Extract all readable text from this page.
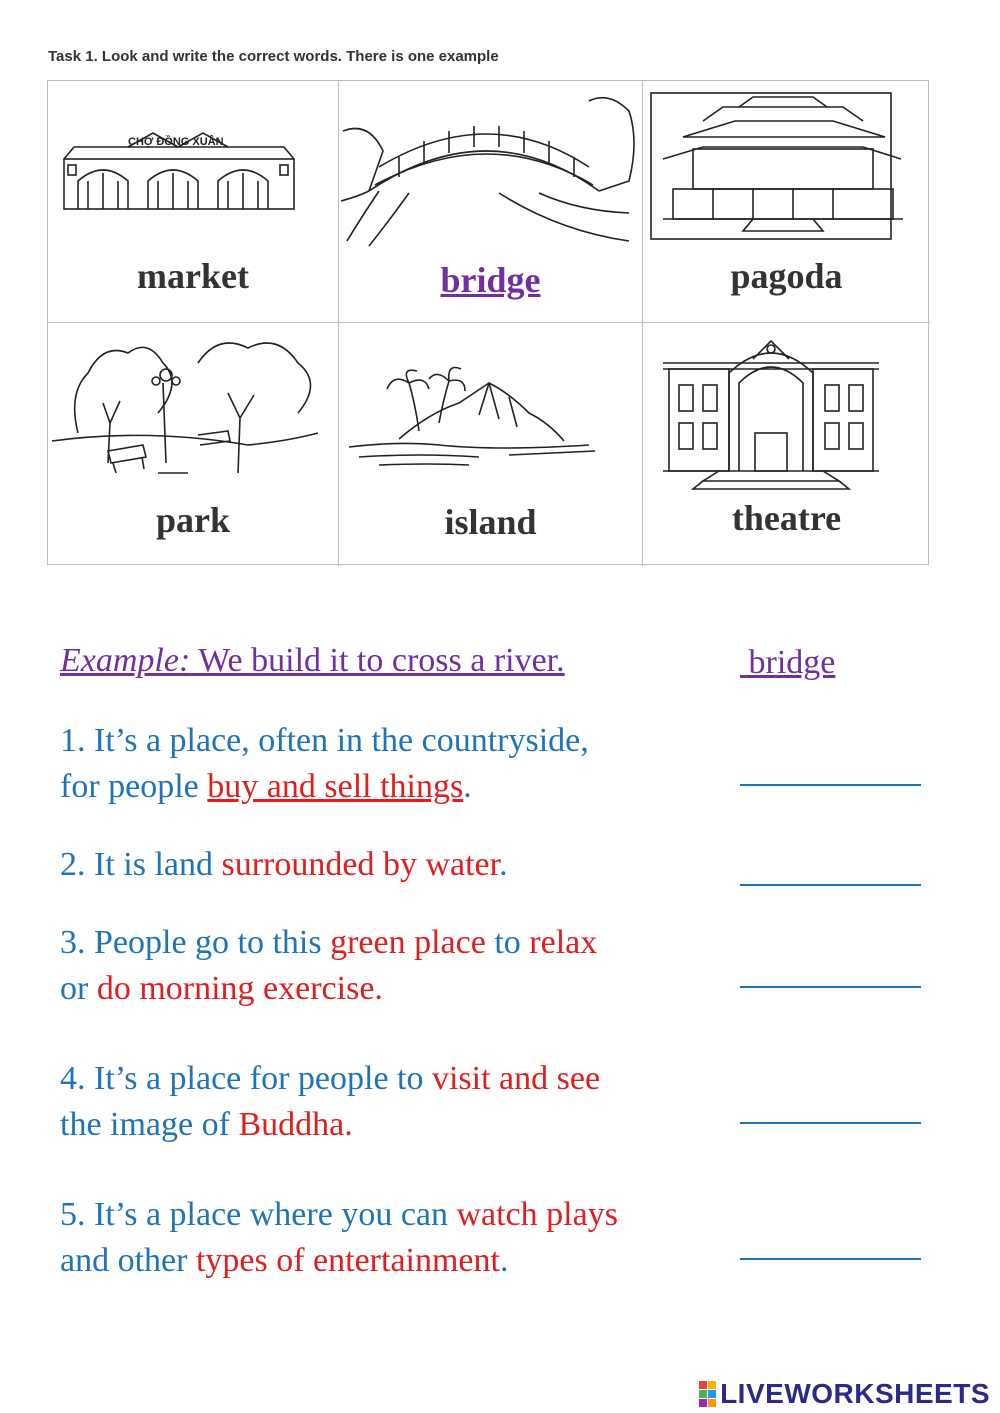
Task 1. Look and write the correct words. There is one example
CHỢ ĐỒNG XUÂN
market	bridge	pagoda
park	island	theatre
Example: We build it to cross a river.	bridge
1. It’s a place, often in the countryside,
for people buy and sell things.
2. It is land surrounded by water.
3. People go to this green place to relax
or do morning exercise.
4. It’s a place for people to visit and see
the image of Buddha.
5. It’s a place where you can watch plays
and other types of entertainment.
LIVEWORKSHEETS
